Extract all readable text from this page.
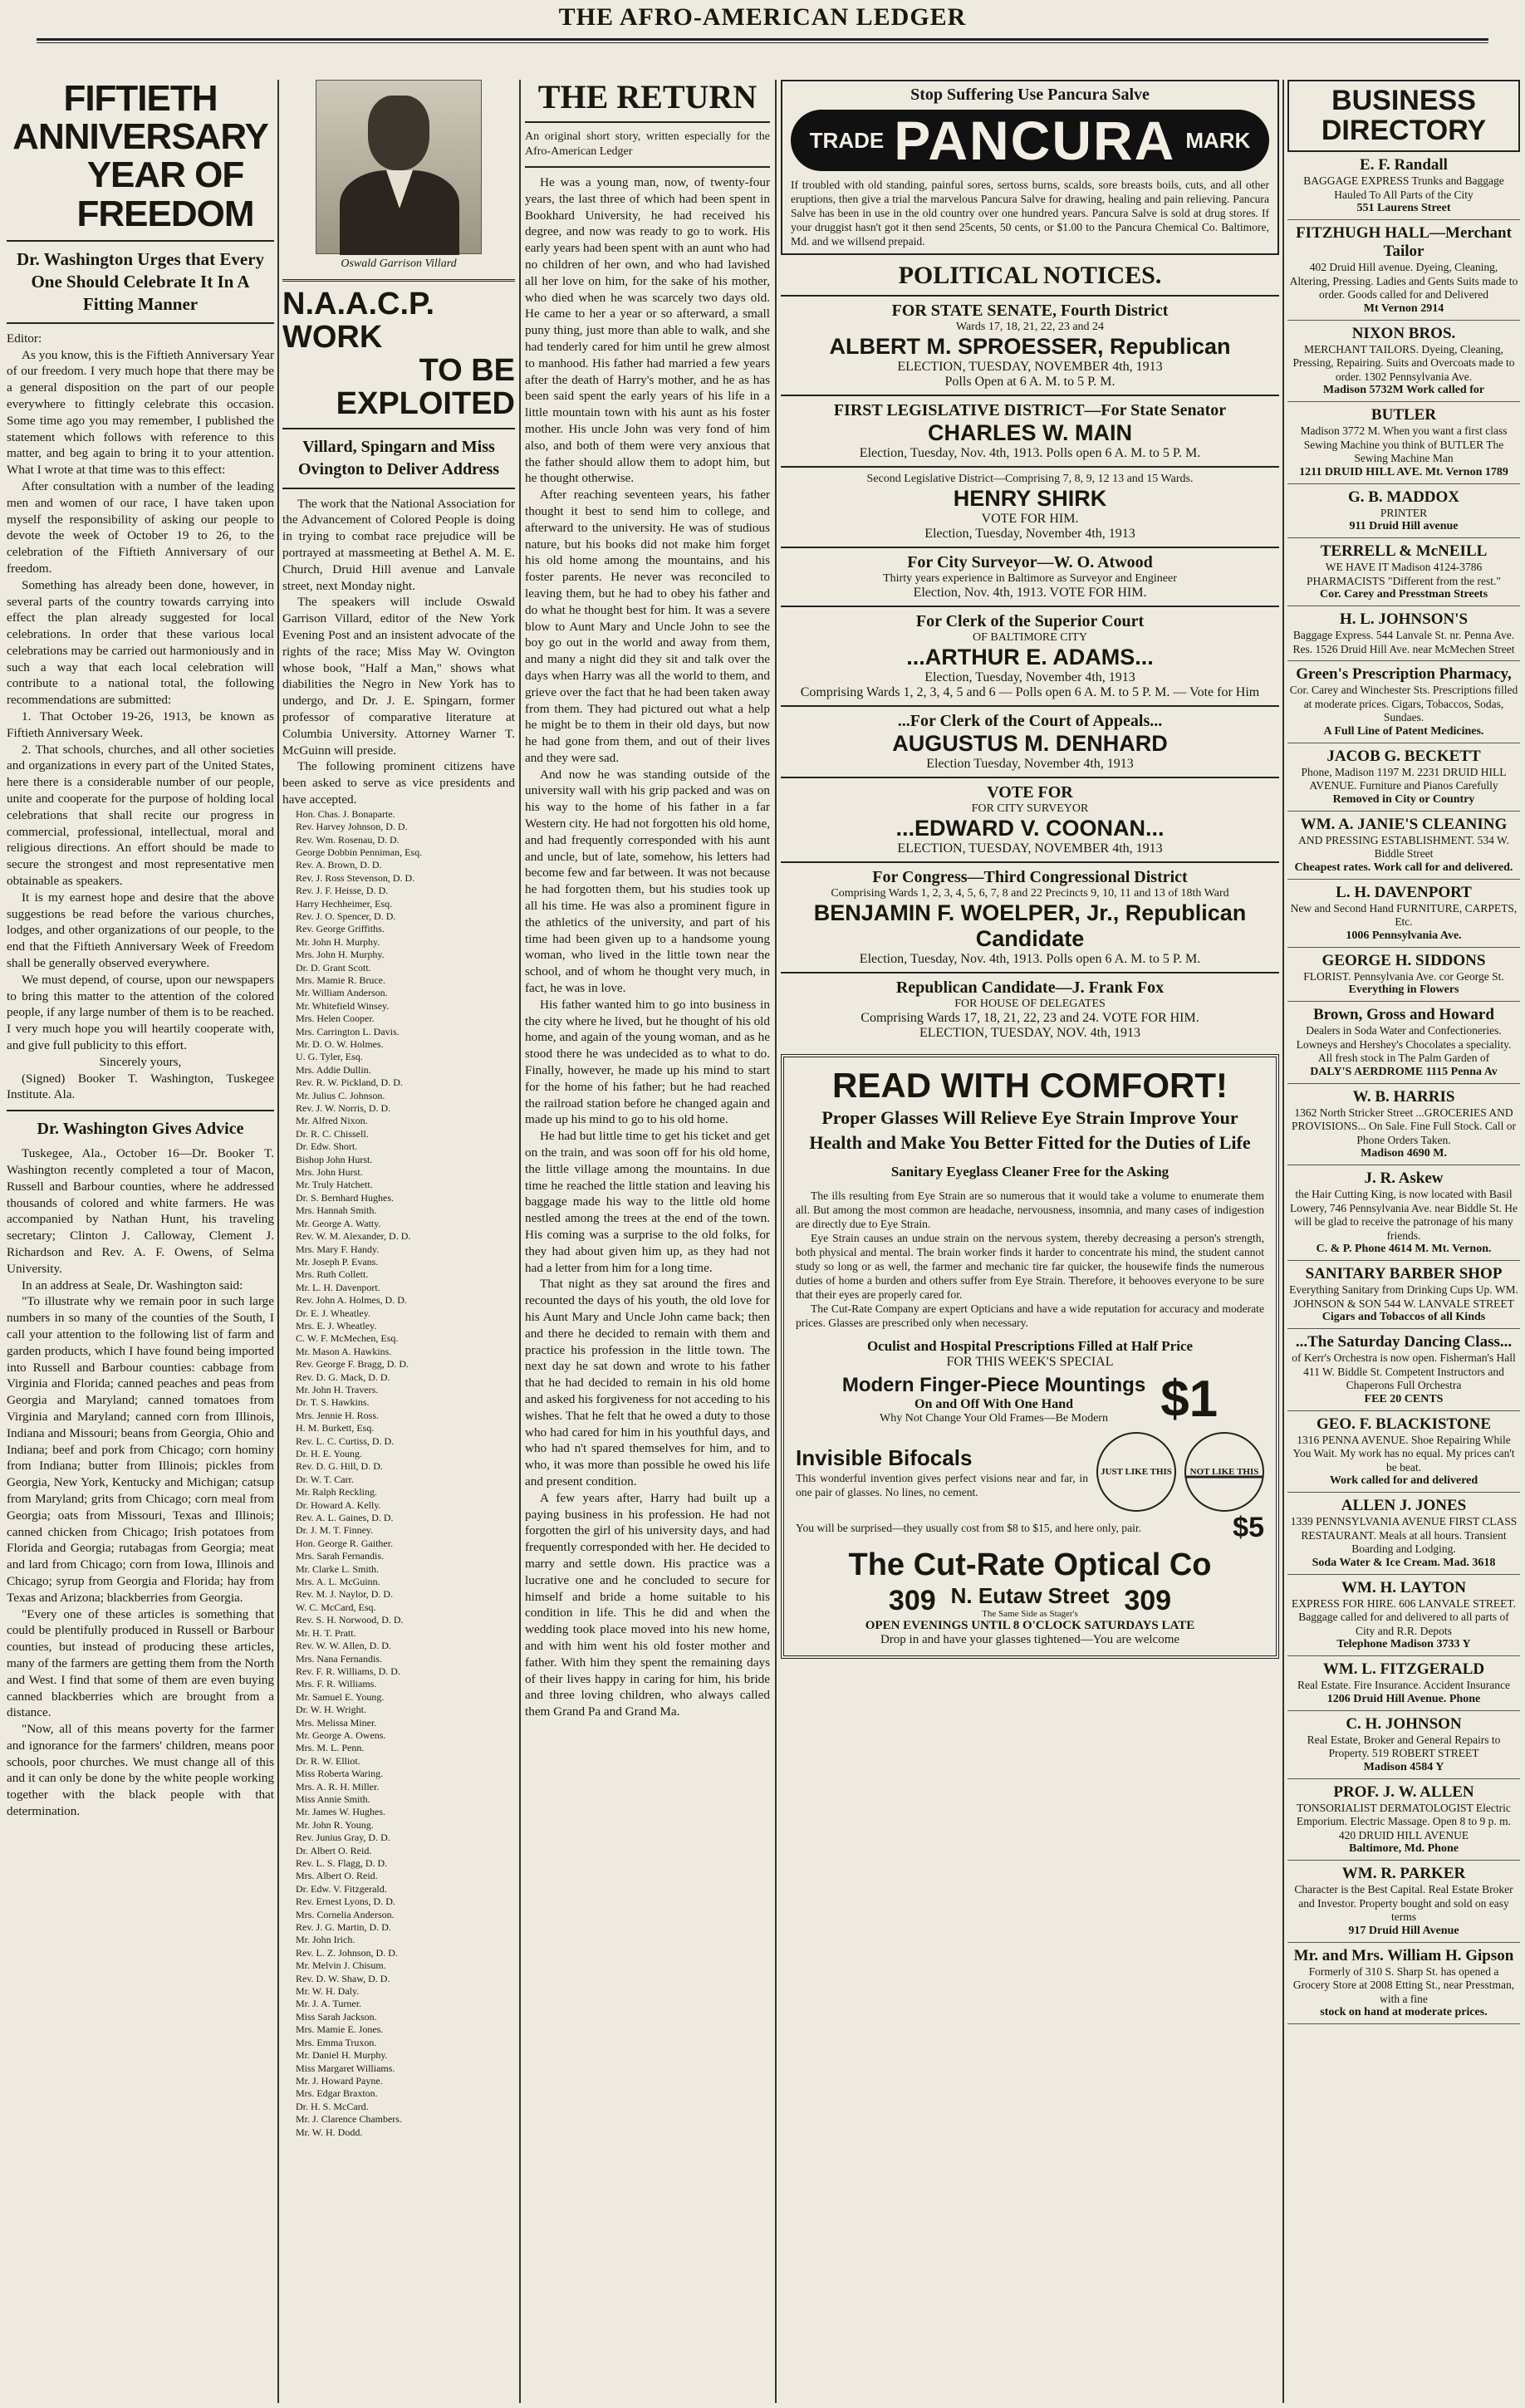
THE AFRO-AMERICAN LEDGER
FIFTIETH ANNIVERSARY
YEAR OF FREEDOM
Dr. Washington Urges that Every One Should Celebrate It In A Fitting Manner
Editor:

As you know, this is the Fiftieth Anniversary Year of our freedom. I very much hope that there may be a general disposition on the part of our people everywhere to fittingly celebrate this occasion. Some time ago you may remember, I published the statement which follows with reference to this matter, and beg again to bring it to your attention. What I wrote at that time was to this effect:

After consultation with a number of the leading men and women of our race, I have taken upon myself the responsibility of asking our people to devote the week of October 19 to 26, to the celebration of the Fiftieth Anniversary of our freedom.

Something has already been done, however, in several parts of the country towards carrying into effect the plan already suggested for local celebrations. In order that these various local celebrations may be carried out harmoniously and in such a way that each local celebration will contribute to a national total, the following recommendations are submitted:

1. That October 19-26, 1913, be known as Fiftieth Anniversary Week.

2. That schools, churches, and all other societies and organizations in every part of the United States, here there is a considerable number of our people, unite and cooperate for the purpose of holding local celebrations that shall recite our progress in commercial, professional, intellectual, moral and religious directions. An effort should be made to secure the strongest and most representative men obtainable as speakers.

It is my earnest hope and desire that the above suggestions be read before the various churches, lodges, and other organizations of our people, to the end that the Fiftieth Anniversary Week of Freedom shall be generally observed everywhere.

We must depend, of course, upon our newspapers to bring this matter to the attention of the colored people, if any large number of them is to be reached. I very much hope you will heartily cooperate with, and give full publicity to this effort.

Sincerely yours,

(Signed) Booker T. Washington, Tuskegee Institute. Ala.

Dr. Washington Gives Advice

Tuskegee, Ala., October 16—Dr. Booker T. Washington recently completed a tour of Macon, Russell and Barbour counties, where he addressed thousands of colored and white farmers. He was accompanied by Nathan Hunt, his traveling secretary; Clinton J. Calloway, Clement J. Richardson and Rev. A. F. Owens, of Selma University.

In an address at Seale, Dr. Washington said:

"To illustrate why we remain poor in such large numbers in so many of the counties of the South, I call your attention to the following list of farm and garden products, which I have found being imported into Russell and Barbour counties: cabbage from Virginia and Florida; canned peaches and peas from Georgia and Maryland; canned tomatoes from Virginia and Maryland; canned corn from Illinois, Indiana and Missouri; beans from Georgia, Ohio and Indiana; beef and pork from Chicago; corn hominy from Indiana; butter from Illinois; pickles from Georgia, New York, Kentucky and Michigan; catsup from Maryland; grits from Chicago; corn meal from Georgia; oats from Missouri, Texas and Illinois; canned chicken from Chicago; Irish potatoes from Florida and Georgia; rutabagas from Georgia; meat and lard from Chicago; corn from Iowa, Illinois and Chicago; syrup from Georgia and Florida; hay from Texas and Arizona; blackberries from Georgia.

"Every one of these articles is something that could be plentifully produced in Russell or Barbour counties, but instead of producing these articles, many of the farmers are getting them from the North and West. I find that some of them are even buying canned blackberries which are brought from a distance.

"Now, all of this means poverty for the farmer and ignorance for the farmers' children, means poor schools, poor churches. We must change all of this and it can only be done by the white people working together with the black people with that determination.

Oswald Garrison Villard
N.A.A.C.P. WORK
TO BE EXPLOITED
Villard, Spingarn and Miss Ovington to Deliver Address

The work that the National Association for the Advancement of Colored People is doing in trying to combat race prejudice will be portrayed at massmeeting at Bethel A. M. E. Church, Druid Hill avenue and Lanvale street, next Monday night.

The speakers will include Oswald Garrison Villard, editor of the New York Evening Post and an insistent advocate of the rights of the race; Miss May W. Ovington whose book, "Half a Man," shows what diabilities the Negro in New York has to undergo, and Dr. J. E. Spingarn, former professor of comparative literature at Columbia University. Attorney Warner T. McGuinn will preside.

The following prominent citizens have been asked to serve as vice presidents and have accepted.

Hon. Chas. J. Bonaparte.
Rev. Harvey Johnson, D. D.
Rev. Wm. Rosenau, D. D.
George Dobbin Penniman, Esq.
Rev. A. Brown, D. D.
Rev. J. Ross Stevenson, D. D.
Rev. J. F. Heisse, D. D.
Harry Hechheimer, Esq.
Rev. J. O. Spencer, D. D.
Rev. George Griffiths.
Mr. John H. Murphy.
Mrs. John H. Murphy.
Dr. D. Grant Scott.
Mrs. Mamie R. Bruce.
Mr. William Anderson.
Mr. Whitefield Winsey.
Mrs. Helen Cooper.
Mrs. Carrington L. Davis.
Mr. D. O. W. Holmes.
U. G. Tyler, Esq.
Mrs. Addie Dullin.
Rev. R. W. Pickland, D. D.
Mr. Julius C. Johnson.
Rev. J. W. Norris, D. D.
Mr. Alfred Nixon.
Dr. R. C. Chissell.
Dr. Edw. Short.
Bishop John Hurst.
Mrs. John Hurst.
Mr. Truly Hatchett.
Dr. S. Bernhard Hughes.
Mrs. Hannah Smith.
Mr. George A. Watty.
Rev. W. M. Alexander, D. D.
Mrs. Mary F. Handy.
Mr. Joseph P. Evans.
Mrs. Ruth Collett.
Mr. L. H. Davenport.
Rev. John A. Holmes, D. D.
Dr. E. J. Wheatley.
Mrs. E. J. Wheatley.
C. W. F. McMechen, Esq.
Mr. Mason A. Hawkins.
Rev. George F. Bragg, D. D.
Rev. D. G. Mack, D. D.
Mr. John H. Travers.
Dr. T. S. Hawkins.
Mrs. Jennie H. Ross.
H. M. Burkett, Esq.
Rev. L. C. Curtiss, D. D.
Dr. H. E. Young.
Rev. D. G. Hill, D. D.
Dr. W. T. Carr.
Mr. Ralph Reckling.
Dr. Howard A. Kelly.
Rev. A. L. Gaines, D. D.
Dr. J. M. T. Finney.
Hon. George R. Gaither.
Mrs. Sarah Fernandis.
Mr. Clarke L. Smith.
Mrs. A. L. McGuinn.
Rev. M. J. Naylor, D. D.
W. C. McCard, Esq.
Rev. S. H. Norwood, D. D.
Mr. H. T. Pratt.
Rev. W. W. Allen, D. D.
Mrs. Nana Fernandis.
Rev. F. R. Williams, D. D.
Mrs. F. R. Williams.
Mr. Samuel E. Young.
Dr. W. H. Wright.
Mrs. Melissa Miner.
Mr. George A. Owens.
Mrs. M. L. Penn.
Dr. R. W. Elliot.
Miss Roberta Waring.
Mrs. A. R. H. Miller.
Miss Annie Smith.
Mr. James W. Hughes.
Mr. John R. Young.
Rev. Junius Gray, D. D.
Dr. Albert O. Reid.
Rev. L. S. Flagg, D. D.
Mrs. Albert O. Reid.
Dr. Edw. V. Fitzgerald.
Rev. Ernest Lyons, D. D.
Mrs. Cornelia Anderson.
Rev. J. G. Martin, D. D.
Mr. John Irich.
Rev. L. Z. Johnson, D. D.
Mr. Melvin J. Chisum.
Rev. D. W. Shaw, D. D.
Mr. W. H. Daly.
Mr. J. A. Turner.
Miss Sarah Jackson.
Mrs. Mamie E. Jones.
Mrs. Emma Truxon.
Mr. Daniel H. Murphy.
Miss Margaret Williams.
Mr. J. Howard Payne.
Mrs. Edgar Braxton.
Dr. H. S. McCard.
Mr. J. Clarence Chambers.
Mr. W. H. Dodd.
THE RETURN

An original short story, written especially for the Afro-American Ledger

He was a young man, now, of twenty-four years, the last three of which had been spent in Bookhard University, he had received his degree, and now was ready to go to work. His early years had been spent with an aunt who had no children of her own, and who had lavished all her love on him, for the sake of his mother, who died when he was scarcely two days old. He came to her a year or so afterward, a small puny thing, just more than able to walk, and she had tenderly cared for him until he grew almost to manhood. His father had married a few years after the death of Harry's mother, and he as has been said spent the early years of his life in a little mountain town with his aunt as his foster mother. His uncle John was very fond of him also, and both of them were very anxious that the father should allow them to adopt him, but he thought otherwise.

After reaching seventeen years, his father thought it best to send him to college, and afterward to the university. He was of studious nature, but his books did not make him forget his old home among the mountains, and his foster parents. He never was reconciled to leaving them, but he had to obey his father and do what he thought best for him. It was a severe blow to Aunt Mary and Uncle John to see the boy go out in the world and away from them, and many a night did they sit and talk over the days when Harry was all the world to them, and grieve over the fact that he had been taken away from them. They had pictured out what a help he might be to them in their old days, but now he had gone from them, and out of their lives and they were sad.

And now he was standing outside of the university wall with his grip packed and was on his way to the home of his father in a far Western city. He had not forgotten his old home, and had frequently corresponded with his aunt and uncle, but of late, somehow, his letters had become few and far between. It was not because he had forgotten them, but his studies took up all his time. He was also a prominent figure in the athletics of the university, and part of his time had been given up to a handsome young woman, who lived in the little town near the school, and of whom he thought very much, in fact, he was in love.

His father wanted him to go into business in the city where he lived, but he thought of his old home, and again of the young woman, and as he stood there he was undecided as to what to do. Finally, however, he made up his mind to start for the home of his father; but he had reached the railroad station before he changed again and made up his mind to go to his old home.

He had but little time to get his ticket and get on the train, and was soon off for his old home, the little village among the mountains. In due time he reached the little station and leaving his baggage made his way to the little old home nestled among the trees at the end of the town. His coming was a surprise to the old folks, for they had about given him up, as they had not had a letter from him for a long time.

That night as they sat around the fires and recounted the days of his youth, the old love for his Aunt Mary and Uncle John came back; then and there he decided to remain with them and practice his profession in the little town. The next day he sat down and wrote to his father that he had decided to remain in his old home and asked his forgiveness for not acceding to his wishes. That he felt that he owed a duty to those who had cared for him in his youthful days, and who had n't spared themselves for him, and to who, it was more than possible he owed his life and present condition.

A few years after, Harry had built up a paying business in his profession. He had not forgotten the girl of his university days, and had frequently corresponded with her. He decided to marry and settle down. His practice was a lucrative one and he concluded to secure for himself and bride a home suitable to his condition in life. This he did and when the wedding took place moved into his new home, and with him went his old foster mother and father. With him they spent the remaining days of their lives happy in caring for him, his bride and three loving children, who always called them Grand Pa and Grand Ma.

Stop Suffering Use Pancura Salve
TRADE PANCURA MARK

If troubled with old standing, painful sores, sertoss burns, scalds, sore breasts boils, cuts, and all other eruptions, then give a trial the marvelous Pancura Salve for drawing, healing and pain relieving. Pancura Salve has been in use in the old country over one hundred years. Pancura Salve is sold at drug stores. If your druggist hasn't got it then send 25cents, 50 cents, or $1.00 to the Pancura Chemical Co. Baltimore, Md. and we willsend prepaid.

POLITICAL NOTICES.
FOR STATE SENATE, Fourth District
Wards 17, 18, 21, 22, 23 and 24
ALBERT M. SPROESSER, Republican
ELECTION, TUESDAY, NOVEMBER 4th, 1913
Polls Open at 6 A. M. to 5 P. M.
FIRST LEGISLATIVE DISTRICT—For State Senator
CHARLES W. MAIN
Election, Tuesday, Nov. 4th, 1913. Polls open 6 A. M. to 5 P. M.
Second Legislative District—Comprising 7, 8, 9, 12 13 and 15 Wards.
HENRY SHIRK
VOTE FOR HIM.
Election, Tuesday, November 4th, 1913
For City Surveyor—W. O. Atwood
Thirty years experience in Baltimore as Surveyor and Engineer
Election, Nov. 4th, 1913. VOTE FOR HIM.
For Clerk of the Superior Court
OF BALTIMORE CITY
...ARTHUR E. ADAMS...
Election, Tuesday, November 4th, 1913
Comprising Wards 1, 2, 3, 4, 5 and 6 — Polls open 6 A. M. to 5 P. M. — Vote for Him
...For Clerk of the Court of Appeals...
AUGUSTUS M. DENHARD
Election Tuesday, November 4th, 1913
VOTE FOR
FOR CITY SURVEYOR
...EDWARD V. COONAN...
ELECTION, TUESDAY, NOVEMBER 4th, 1913
For Congress—Third Congressional District
Comprising Wards 1, 2, 3, 4, 5, 6, 7, 8 and 22 Precincts 9, 10, 11 and 13 of 18th Ward
BENJAMIN F. WOELPER, Jr., Republican Candidate
Election, Tuesday, Nov. 4th, 1913. Polls open 6 A. M. to 5 P. M.
Republican Candidate—J. Frank Fox
FOR HOUSE OF DELEGATES
Comprising Wards 17, 18, 21, 22, 23 and 24. VOTE FOR HIM.
ELECTION, TUESDAY, NOV. 4th, 1913
READ WITH COMFORT!
Proper Glasses Will Relieve Eye Strain Improve Your Health and Make You Better Fitted for the Duties of Life
Sanitary Eyeglass Cleaner Free for the Asking

The ills resulting from Eye Strain are so numerous that it would take a volume to enumerate them all. But among the most common are headache, nervousness, insomnia, and many cases of indigestion are directly due to Eye Strain.

Eye Strain causes an undue strain on the nervous system, thereby decreasing a person's strength, both physical and mental. The brain worker finds it harder to concentrate his mind, the student cannot study so long or as well, the farmer and mechanic tire far quicker, the housewife finds the numerous duties of home a burden and others suffer from Eye Strain. Therefore, it behooves everyone to be sure that their eyes are properly cared for.

The Cut-Rate Company are expert Opticians and have a wide reputation for accuracy and moderate prices. Glasses are prescribed only when necessary.

Oculist and Hospital Prescriptions Filled at Half Price
FOR THIS WEEK'S SPECIAL
Modern Finger-Piece Mountings
On and Off With One Hand
Why Not Change Your Old Frames—Be Modern	$1
Invisible Bifocals

This wonderful invention gives perfect visions near and far, in one pair of glasses. No lines, no cement.

JUST LIKE THIS	NOT LIKE THIS
You will be surprised—they usually cost from $8 to $15, and here only, pair.	$5
The Cut-Rate Optical Co
309 N. Eutaw Street
The Same Side as Stager's	309
OPEN EVENINGS UNTIL 8 O'CLOCK SATURDAYS LATE
Drop in and have your glasses tightened—You are welcome
BUSINESS DIRECTORY
E. F. Randall
BAGGAGE EXPRESS Trunks and Baggage Hauled To All Parts of the City
551 Laurens Street
FITZHUGH HALL—Merchant Tailor
402 Druid Hill avenue. Dyeing, Cleaning, Altering, Pressing. Ladies and Gents Suits made to order. Goods called for and Delivered
Mt Vernon 2914
NIXON BROS.
MERCHANT TAILORS. Dyeing, Cleaning, Pressing, Repairing. Suits and Overcoats made to order. 1302 Pennsylvania Ave.
Madison 5732M Work called for
BUTLER
Madison 3772 M. When you want a first class Sewing Machine you think of BUTLER The Sewing Machine Man
1211 DRUID HILL AVE. Mt. Vernon 1789
G. B. MADDOX
PRINTER
911 Druid Hill avenue
TERRELL & McNEILL
WE HAVE IT Madison 4124-3786 PHARMACISTS "Different from the rest."
Cor. Carey and Presstman Streets
H. L. JOHNSON'S
Baggage Express. 544 Lanvale St. nr. Penna Ave. Res. 1526 Druid Hill Ave. near McMechen Street
Green's Prescription Pharmacy,
Cor. Carey and Winchester Sts. Prescriptions filled at moderate prices. Cigars, Tobaccos, Sodas, Sundaes.
A Full Line of Patent Medicines.
JACOB G. BECKETT
Phone, Madison 1197 M. 2231 DRUID HILL AVENUE. Furniture and Pianos Carefully
Removed in City or Country
WM. A. JANIE'S CLEANING
AND PRESSING ESTABLISHMENT. 534 W. Biddle Street
Cheapest rates. Work call for and delivered.
L. H. DAVENPORT
New and Second Hand FURNITURE, CARPETS, Etc.
1006 Pennsylvania Ave.
GEORGE H. SIDDONS
FLORIST. Pennsylvania Ave. cor George St.
Everything in Flowers
Brown, Gross and Howard
Dealers in Soda Water and Confectioneries. Lowneys and Hershey's Chocolates a speciality. All fresh stock in The Palm Garden of
DALY'S AERDROME 1115 Penna Av
W. B. HARRIS
1362 North Stricker Street ...GROCERIES AND PROVISIONS... On Sale. Fine Full Stock. Call or Phone Orders Taken.
Madison 4690 M.
J. R. Askew
the Hair Cutting King, is now located with Basil Lowery, 746 Pennsylvania Ave. near Biddle St. He will be glad to receive the patronage of his many friends.
C. & P. Phone 4614 M. Mt. Vernon.
SANITARY BARBER SHOP
Everything Sanitary from Drinking Cups Up. WM. JOHNSON & SON 544 W. LANVALE STREET
Cigars and Tobaccos of all Kinds
...The Saturday Dancing Class...
of Kerr's Orchestra is now open. Fisherman's Hall 411 W. Biddle St. Competent Instructors and Chaperons Full Orchestra
FEE 20 CENTS
GEO. F. BLACKISTONE
1316 PENNA AVENUE. Shoe Repairing While You Wait. My work has no equal. My prices can't be beat.
Work called for and delivered
ALLEN J. JONES
1339 PENNSYLVANIA AVENUE FIRST CLASS RESTAURANT. Meals at all hours. Transient Boarding and Lodging.
Soda Water & Ice Cream. Mad. 3618
WM. H. LAYTON
EXPRESS FOR HIRE. 606 LANVALE STREET. Baggage called for and delivered to all parts of City and R.R. Depots
Telephone Madison 3733 Y
WM. L. FITZGERALD
Real Estate. Fire Insurance. Accident Insurance
1206 Druid Hill Avenue. Phone
C. H. JOHNSON
Real Estate, Broker and General Repairs to Property. 519 ROBERT STREET
Madison 4584 Y
PROF. J. W. ALLEN
TONSORIALIST DERMATOLOGIST Electric Emporium. Electric Massage. Open 8 to 9 p. m. 420 DRUID HILL AVENUE
Baltimore, Md. Phone
WM. R. PARKER
Character is the Best Capital. Real Estate Broker and Investor. Property bought and sold on easy terms
917 Druid Hill Avenue
Mr. and Mrs. William H. Gipson
Formerly of 310 S. Sharp St. has opened a Grocery Store at 2008 Etting St., near Presstman, with a fine
stock on hand at moderate prices.
